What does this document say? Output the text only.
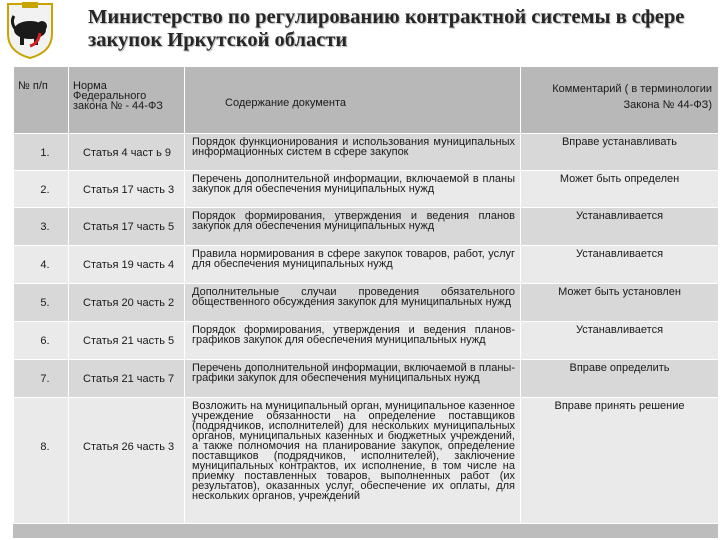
Министерство по регулированию контрактной системы в сфере закупок Иркутской области
№ п/п	Норма Федерального закона № - 44-ФЗ	Содержание документа	Комментарий ( в терминологии Закона № 44-ФЗ)

1.	Статья 4 част ь 9	Порядок функционирования и использования муниципальных информационных систем в сфере закупок	Вправе устанавливать

2.	Статья 17 часть 3	Перечень дополнительной информации, включаемой в планы закупок для обеспечения муниципальных нужд	Может быть определен

3.	Статья 17 часть 5	Порядок формирования, утверждения и ведения планов закупок для обеспечения муниципальных нужд	Устанавливается

4.	Статья 19 часть 4	Правила нормирования в сфере закупок товаров, работ, услуг для обеспечения муниципальных нужд	Устанавливается

5.	Статья 20 часть 2	Дополнительные случаи проведения обязательного общественного обсуждения закупок для муниципальных нужд	Может быть установлен

6.	Статья 21 часть 5	Порядок формирования, утверждения и ведения планов-графиков закупок для обеспечения муниципальных нужд	Устанавливается

7.	Статья 21 часть 7	Перечень дополнительной информации, включаемой в планы-графики закупок для обеспечения муниципальных нужд	Вправе определить

8.	Статья 26 часть 3	Возложить на муниципальный орган, муниципальное казенное учреждение обязанности на определение поставщиков (подрядчиков, исполнителей) для нескольких муниципальных органов, муниципальных казенных и бюджетных учреждений, а также полномочия на планирование закупок, определение поставщиков (подрядчиков, исполнителей), заключение муниципальных контрактов, их исполнение, в том числе на приемку поставленных товаров, выполненных работ (их результатов), оказанных услуг, обеспечение их оплаты, для нескольких органов, учреждений	Вправе принять решение
